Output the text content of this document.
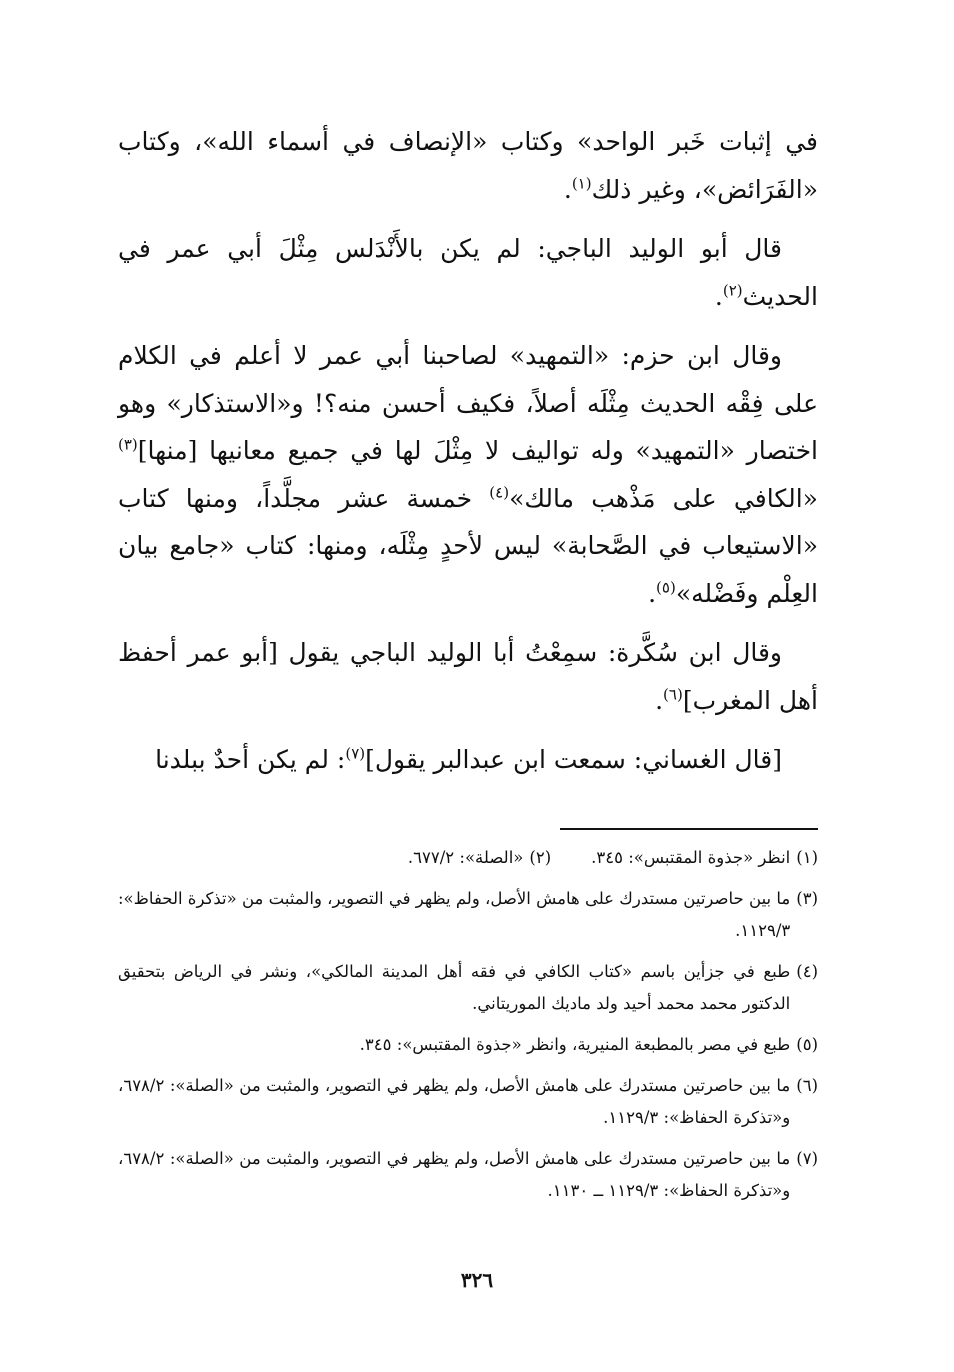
في إثبات خَبر الواحد» وكتاب «الإنصاف في أسماء الله»، وكتاب «الفَرَائض»، وغير ذلك$^{(١)}$.

قال أبو الوليد الباجي: لم يكن بالأَنْدَلس مِثْلَ أبي عمر في الحديث$^{(٢)}$.

وقال ابن حزم: «التمهيد» لصاحبنا أبي عمر لا أعلم في الكلام على فِقْه الحديث مِثْلَه أصلاً، فكيف أحسن منه؟! و«الاستذكار» وهو اختصار «التمهيد» وله تواليف لا مِثْلَ لها في جميع معانيها [منها]$^{(٣)}$ «الكافي على مَذْهب مالك»$^{(٤)}$ خمسة عشر مجلَّداً، ومنها كتاب «الاستيعاب في الصَّحابة» ليس لأحدٍ مِثْلَه، ومنها: كتاب «جامع بيان العِلْم وفَضْله»$^{(٥)}$.

وقال ابن سُكَّرة: سمِعْتُ أبا الوليد الباجي يقول [أبو عمر أحفظ أهل المغرب]$^{(٦)}$.

[قال الغساني: سمعت ابن عبدالبر يقول]$^{(٧)}$: لم يكن أحدٌ ببلدنا

(١)
انظر «جذوة المقتبس»: ٣٤٥.
(٢)
«الصلة»: ٦٧٧/٢.
(٣)
ما بين حاصرتين مستدرك على هامش الأصل، ولم يظهر في التصوير، والمثبت من «تذكرة الحفاظ»: ١١٢٩/٣.
(٤)
طبع في جزأين باسم «كتاب الكافي في فقه أهل المدينة المالكي»، ونشر في الرياض بتحقيق الدكتور محمد محمد أحيد ولد ماديك الموريتاني.
(٥)
طبع في مصر بالمطبعة المنيرية، وانظر «جذوة المقتبس»: ٣٤٥.
(٦)
ما بين حاصرتين مستدرك على هامش الأصل، ولم يظهر في التصوير، والمثبت من «الصلة»: ٦٧٨/٢، و«تذكرة الحفاظ»: ١١٢٩/٣.
(٧)
ما بين حاصرتين مستدرك على هامش الأصل، ولم يظهر في التصوير، والمثبت من «الصلة»: ٦٧٨/٢، و«تذكرة الحفاظ»: ١١٢٩/٣ ــ ١١٣٠.
٣٢٦
